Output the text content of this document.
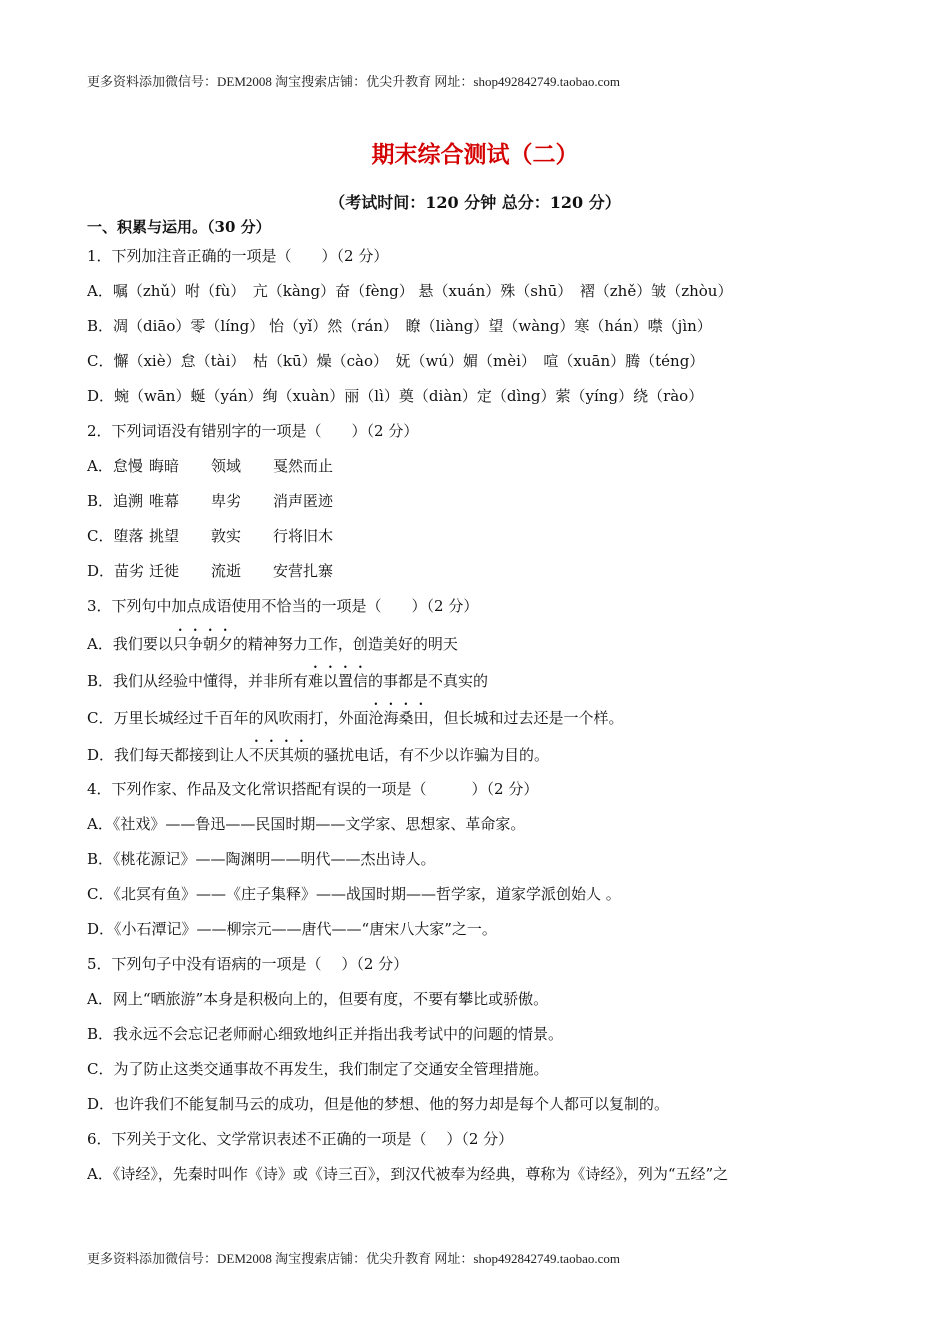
更多资料添加微信号：DEM2008 淘宝搜索店铺：优尖升教育 网址：shop492842749.taobao.com
期末综合测试（二）
（考试时间：120 分钟 总分：120 分）
一、积累与运用。（30 分）
1．下列加注音正确的一项是（　　）（2 分）
A．嘱（zhǔ）咐（fù）　亢（kàng）奋（fèng） 悬（xuán）殊（shū）　褶（zhě）皱（zhòu）
B．凋（diāo）零（líng） 怡（yǐ）然（rán）　瞭（liàng）望（wàng）寒（hán）噤（jìn）
C．懈（xiè）怠（tài）　枯（kū）燥（cào）　妩（wú）媚（mèi）　喧（xuān）腾（téng）
D．蜿（wān）蜒（yán）绚（xuàn）丽（lì）奠（diàn）定（dìng）萦（yíng）绕（rào）
2．下列词语没有错别字的一项是（　　）（2 分）
A．怠慢 晦暗 领域 戛然而止
B．追溯 唯幕 卑劣 消声匿迹
C．堕落 挑望 敦实 行将旧木
D．苗劣 迁徙 流逝 安营扎寨
3．下列句中加点成语使用不恰当的一项是（　　）（2 分）
A．我们要以只争朝夕的精神努力工作，创造美好的明天
B．我们从经验中懂得，并非所有难以置信的事都是不真实的
C．万里长城经过千百年的风吹雨打，外面沧海桑田，但长城和过去还是一个样。
D．我们每天都接到让人不厌其烦的骚扰电话，有不少以诈骗为目的。
4．下列作家、作品及文化常识搭配有误的一项是（　　　）（2 分）
A．《社戏》——鲁迅——民国时期——文学家、思想家、革命家。
B．《桃花源记》——陶渊明——明代——杰出诗人。
C．《北冥有鱼》——《庄子集释》——战国时期——哲学家，道家学派创始人 。
D．《小石潭记》——柳宗元——唐代——“唐宋八大家”之一。
5．下列句子中没有语病的一项是（　 ）（2 分）
A．网上“晒旅游”本身是积极向上的，但要有度，不要有攀比或骄傲。
B．我永远不会忘记老师耐心细致地纠正并指出我考试中的问题的情景。
C．为了防止这类交通事故不再发生，我们制定了交通安全管理措施。
D．也许我们不能复制马云的成功，但是他的梦想、他的努力却是每个人都可以复制的。
6．下列关于文化、文学常识表述不正确的一项是（　 ）（2 分）
A．《诗经》，先秦时叫作《诗》或《诗三百》，到汉代被奉为经典，尊称为《诗经》，列为“五经”之
更多资料添加微信号：DEM2008 淘宝搜索店铺：优尖升教育 网址：shop492842749.taobao.com
